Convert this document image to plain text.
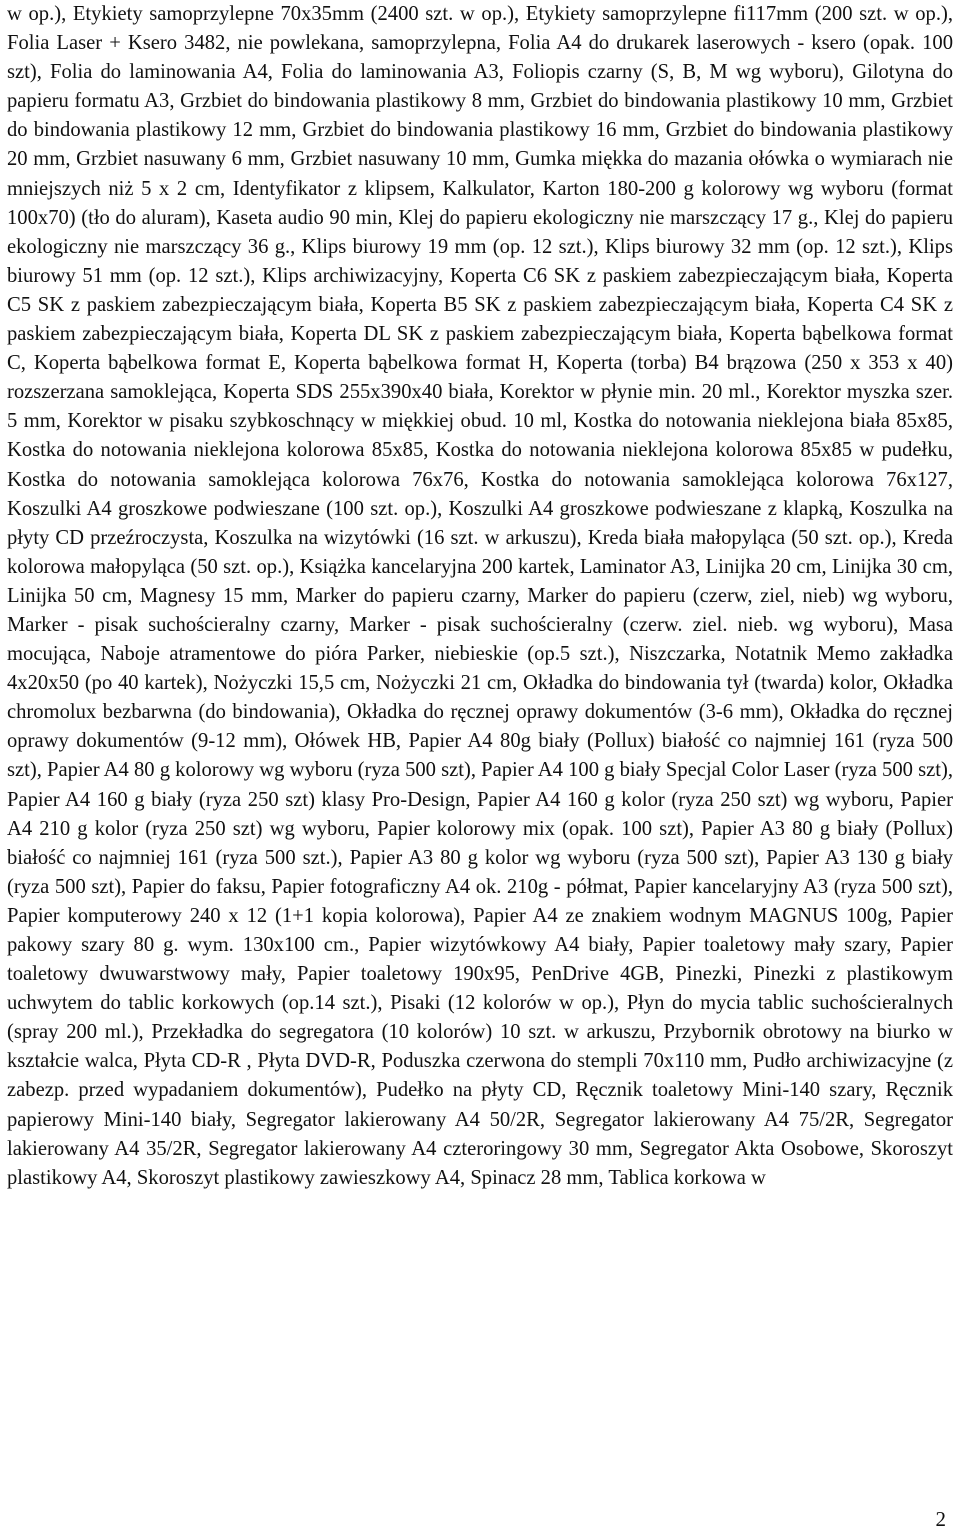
w op.), Etykiety samoprzylepne 70x35mm (2400 szt. w op.), Etykiety samoprzylepne fi117mm (200 szt. w op.), Folia Laser + Ksero 3482, nie powlekana, samoprzylepna, Folia A4 do drukarek laserowych - ksero (opak. 100 szt), Folia do laminowania A4, Folia do laminowania A3, Foliopis czarny (S, B, M wg wyboru), Gilotyna do papieru formatu A3, Grzbiet do bindowania plastikowy 8 mm, Grzbiet do bindowania plastikowy 10 mm, Grzbiet do bindowania plastikowy 12 mm, Grzbiet do bindowania plastikowy 16 mm, Grzbiet do bindowania plastikowy 20 mm, Grzbiet nasuwany 6 mm, Grzbiet nasuwany 10 mm, Gumka miękka do mazania ołówka o wymiarach nie mniejszych niż 5 x 2 cm, Identyfikator z klipsem, Kalkulator, Karton 180-200 g kolorowy wg wyboru (format 100x70) (tło do aluram), Kaseta audio 90 min, Klej do papieru ekologiczny nie marszczący 17 g., Klej do papieru ekologiczny nie marszczący 36 g., Klips biurowy 19 mm (op. 12 szt.), Klips biurowy 32 mm (op. 12 szt.), Klips biurowy 51 mm (op. 12 szt.), Klips archiwizacyjny, Koperta C6 SK z paskiem zabezpieczającym biała, Koperta C5 SK z paskiem zabezpieczającym biała, Koperta B5 SK z paskiem zabezpieczającym biała, Koperta C4 SK z paskiem zabezpieczającym biała, Koperta DL SK z paskiem zabezpieczającym biała, Koperta bąbelkowa format C, Koperta bąbelkowa format E, Koperta bąbelkowa format H, Koperta (torba) B4 brązowa (250 x 353 x 40) rozszerzana samoklejąca, Koperta SDS 255x390x40 biała, Korektor w płynie min. 20 ml., Korektor myszka szer. 5 mm, Korektor w pisaku szybkoschnący w miękkiej obud. 10 ml, Kostka do notowania nieklejona biała 85x85, Kostka do notowania nieklejona kolorowa 85x85, Kostka do notowania nieklejona kolorowa 85x85 w pudełku, Kostka do notowania samoklejąca kolorowa 76x76, Kostka do notowania samoklejąca kolorowa 76x127, Koszulki A4 groszkowe podwieszane (100 szt. op.), Koszulki A4 groszkowe podwieszane z klapką, Koszulka na płyty CD przeźroczysta, Koszulka na wizytówki (16 szt. w arkuszu), Kreda biała małopyląca (50 szt. op.), Kreda kolorowa małopyląca (50 szt. op.), Książka kancelaryjna 200 kartek, Laminator A3, Linijka 20 cm, Linijka 30 cm, Linijka 50 cm, Magnesy 15 mm, Marker do papieru czarny, Marker do papieru (czerw, ziel, nieb) wg wyboru, Marker - pisak suchościeralny czarny, Marker - pisak suchościeralny (czerw. ziel. nieb. wg wyboru), Masa mocująca, Naboje atramentowe do pióra Parker, niebieskie (op.5 szt.), Niszczarka, Notatnik Memo zakładka 4x20x50 (po 40 kartek), Nożyczki 15,5 cm, Nożyczki 21 cm, Okładka do bindowania tył (twarda) kolor, Okładka chromolux bezbarwna (do bindowania), Okładka do ręcznej oprawy dokumentów (3-6 mm), Okładka do ręcznej oprawy dokumentów (9-12 mm), Ołówek HB, Papier A4 80g biały (Pollux) białość co najmniej 161 (ryza 500 szt), Papier A4 80 g kolorowy wg wyboru (ryza 500 szt), Papier A4 100 g biały Specjal Color Laser (ryza 500 szt), Papier A4 160 g biały (ryza 250 szt) klasy Pro-Design, Papier A4 160 g kolor (ryza 250 szt) wg wyboru, Papier A4 210 g kolor (ryza 250 szt) wg wyboru, Papier kolorowy mix (opak. 100 szt), Papier A3 80 g biały (Pollux) białość co najmniej 161 (ryza 500 szt.), Papier A3 80 g kolor wg wyboru (ryza 500 szt), Papier A3 130 g biały (ryza 500 szt), Papier do faksu, Papier fotograficzny A4 ok. 210g - półmat, Papier kancelaryjny A3 (ryza 500 szt), Papier komputerowy 240 x 12 (1+1 kopia kolorowa), Papier A4 ze znakiem wodnym MAGNUS 100g, Papier pakowy szary 80 g. wym. 130x100 cm., Papier wizytówkowy A4 biały, Papier toaletowy mały szary, Papier toaletowy dwuwarstwowy mały, Papier toaletowy 190x95, PenDrive 4GB, Pinezki, Pinezki z plastikowym uchwytem do tablic korkowych (op.14 szt.), Pisaki (12 kolorów w op.), Płyn do mycia tablic suchościeralnych (spray 200 ml.), Przekładka do segregatora (10 kolorów) 10 szt. w arkuszu, Przybornik obrotowy na biurko w kształcie walca, Płyta CD-R , Płyta DVD-R, Poduszka czerwona do stempli 70x110 mm, Pudło archiwizacyjne (z zabezp. przed wypadaniem dokumentów), Pudełko na płyty CD, Ręcznik toaletowy Mini-140 szary, Ręcznik papierowy Mini-140 biały, Segregator lakierowany A4 50/2R, Segregator lakierowany A4 75/2R, Segregator lakierowany A4 35/2R, Segregator lakierowany A4 czteroringowy 30 mm, Segregator Akta Osobowe, Skoroszyt plastikowy A4, Skoroszyt plastikowy zawieszkowy A4, Spinacz 28 mm, Tablica korkowa w

2
